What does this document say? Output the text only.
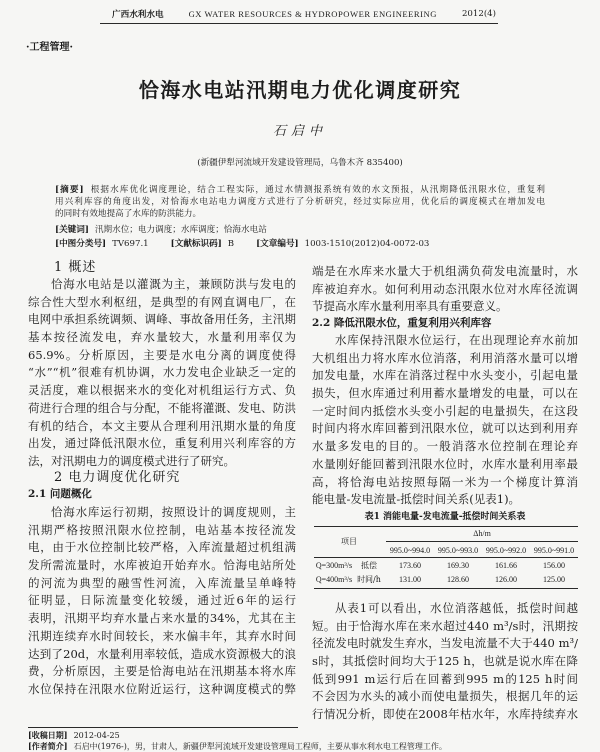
广西水利水电	GX WATER RESOURCES & HYDROPOWER ENGINEERING	2012(4)
·工程管理·
恰海水电站汛期电力优化调度研究
石启中
(新疆伊犁河流域开发建设管理局，乌鲁木齐 835400)
[摘要] 根据水库优化调度理论，结合工程实际，通过水情测报系统有效的水文预报，从汛期降低汛限水位，重复利
用兴利库容的角度出发，对恰海水电站电力调度方式进行了分析研究，经过实际应用，优化后的调度模式在增加发电
的同时有效地提高了水库的防洪能力。
[关键词] 汛期水位；电力调度；水库调度；恰海水电站
[中图分类号] TV697.1	[文献标识码] B	[文章编号] 1003-1510(2012)04-0072-03
1 概述
恰海水电站是以灌溉为主，兼顾防洪与发电的
综合性大型水利枢纽，是典型的有网直调电厂，在
电网中承担系统调频、调峰、事故备用任务，主汛期
基本按径流发电，弃水量较大，水量利用率仅为
65.9%。分析原因，主要是水电分离的调度使得
“水”“机”很难有机协调，水力发电企业缺乏一定的
灵活度，难以根据来水的变化对机组运行方式、负
荷进行合理的组合与分配，不能将灌溉、发电、防洪
有机的结合，本文主要从合理利用汛期水量的角度
出发，通过降低汛限水位，重复利用兴利库容的方
法，对汛期电力的调度模式进行了研究。
2 电力调度优化研究
2.1 问题概化
恰海水库运行初期，按照设计的调度规则，主
汛期严格按照汛限水位控制，电站基本按径流发
电，由于水位控制比较严格，入库流量超过机组满
发所需流量时，水库被迫开始弃水。恰海电站所处
的河流为典型的融雪性河流，入库流量呈单峰特
征明显，日际流量变化较缓，通过近6年的运行
表明，汛期平均弃水量占来水量的34%，尤其在主
汛期连续弃水时间较长，来水偏丰年，其弃水时间
达到了20d，水量利用率较低，造成水资源极大的浪
费，分析原因，主要是恰海电站在汛期基本将水库
水位保持在汛限水位附近运行，这种调度模式的弊
端是在水库来水量大于机组满负荷发电流量时，水
库被迫弃水。如何利用动态汛限水位对水库径流调
节提高水库水量利用率具有重要意义。
2.2 降低汛限水位，重复利用兴利库容
水库保持汛限水位运行，在出现理论弃水前加
大机组出力将水库水位消落，利用消落水量可以增
加发电量，水库在消落过程中水头变小，引起电量
损失，但水库通过利用蓄水量增发的电量，可以在
一定时间内抵偿水头变小引起的电量损失，在这段
时间内将水库回蓄到汛限水位，就可以达到利用弃
水量多发电的目的。一般消落水位控制在理论弃
水量刚好能回蓄到汛限水位时，水库水量利用率最
高，将恰海电站按照每隔一米为一个梯度计算消
能电量-发电流量-抵偿时间关系(见表1)。
表1 消能电量-发电流量-抵偿时间关系表
项目
Δh/m
995.0~994.0 995.0~993.0 995.0~992.0 995.0~991.0
Q=300m³/s	抵偿	173.60	169.30	161.66	156.00
Q=400m³/s 时间/h	131.00	128.60	126.00	125.00
从表1可以看出，水位消落越低，抵偿时间越
短。由于恰海水库在来水超过440 m³/s时，汛期按
径流发电时就发生弃水，当发电流量不大于440 m³/
s时，其抵偿时间均大于125 h，也就是说水库在降
低到991 m运行后在回蓄到995 m的125 h时间
不会因为水头的减小而使电量损失，根据几年的运
行情况分析，即使在2008年枯水年，水库持续弃水
[收稿日期] 2012-04-25
[作者简介] 石启中(1976-)，男，甘肃人，新疆伊犁河流域开发建设管理局工程师，主要从事水利水电工程管理工作。
